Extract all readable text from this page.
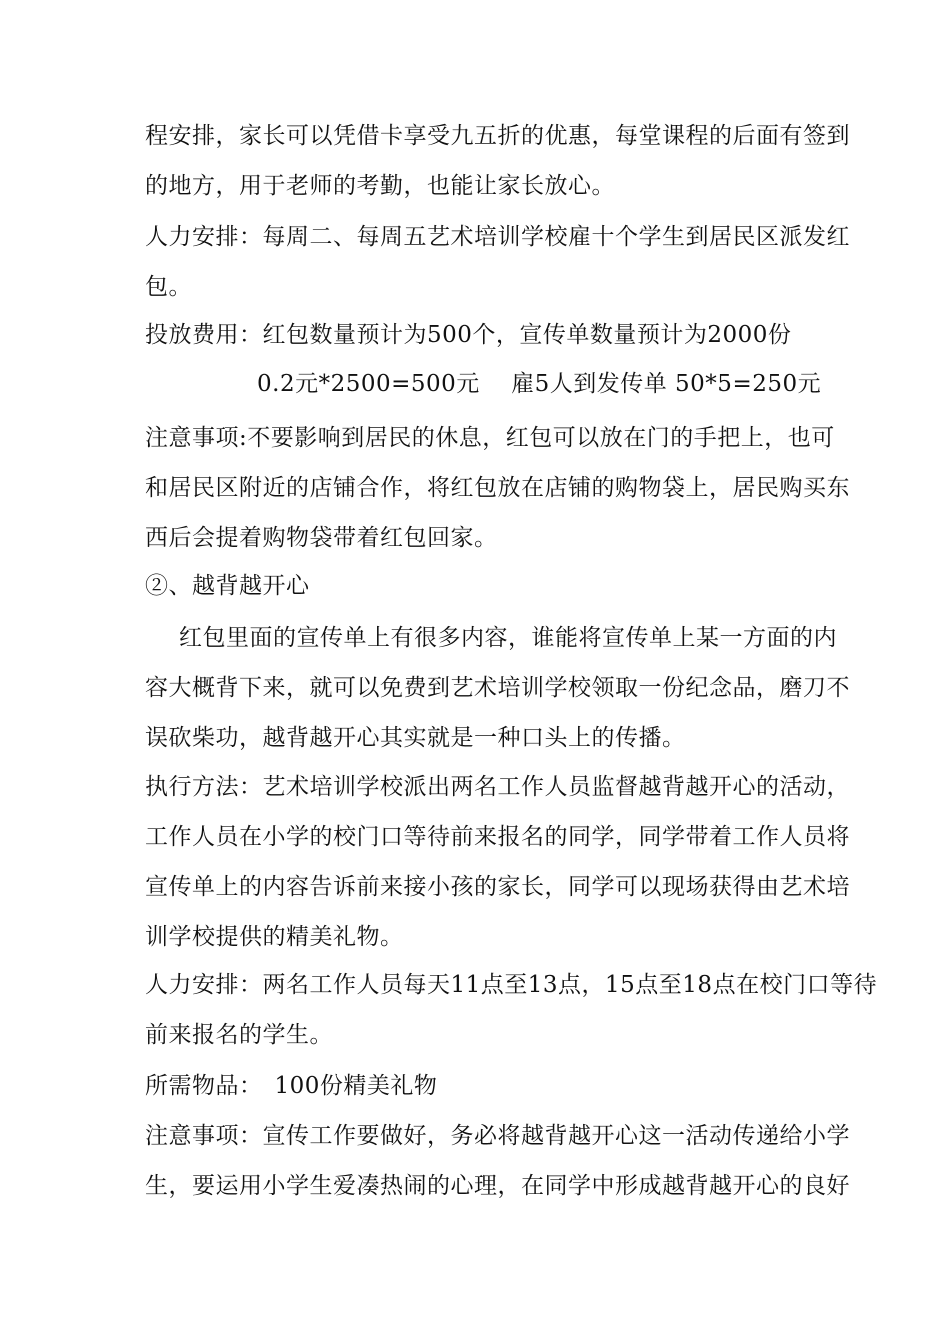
程安排，家长可以凭借卡享受九五折的优惠，每堂课程的后面有签到
的地方，用于老师的考勤，也能让家长放心。
人力安排：每周二、每周五艺术培训学校雇十个学生到居民区派发红
包。
投放费用：红包数量预计为500个，宣传单数量预计为2000份
0.2元*2500=500元　 雇5人到发传单 50*5=250元
注意事项:不要影响到居民的休息，红包可以放在门的手把上，也可
和居民区附近的店铺合作，将红包放在店铺的购物袋上，居民购买东
西后会提着购物袋带着红包回家。
②、越背越开心
红包里面的宣传单上有很多内容，谁能将宣传单上某一方面的内
容大概背下来，就可以免费到艺术培训学校领取一份纪念品，磨刀不
误砍柴功，越背越开心其实就是一种口头上的传播。
执行方法：艺术培训学校派出两名工作人员监督越背越开心的活动，
工作人员在小学的校门口等待前来报名的同学，同学带着工作人员将
宣传单上的内容告诉前来接小孩的家长，同学可以现场获得由艺术培
训学校提供的精美礼物。
人力安排：两名工作人员每天11点至13点，15点至18点在校门口等待
前来报名的学生。
所需物品：　100份精美礼物
注意事项：宣传工作要做好，务必将越背越开心这一活动传递给小学
生，要运用小学生爱凑热闹的心理，在同学中形成越背越开心的良好
